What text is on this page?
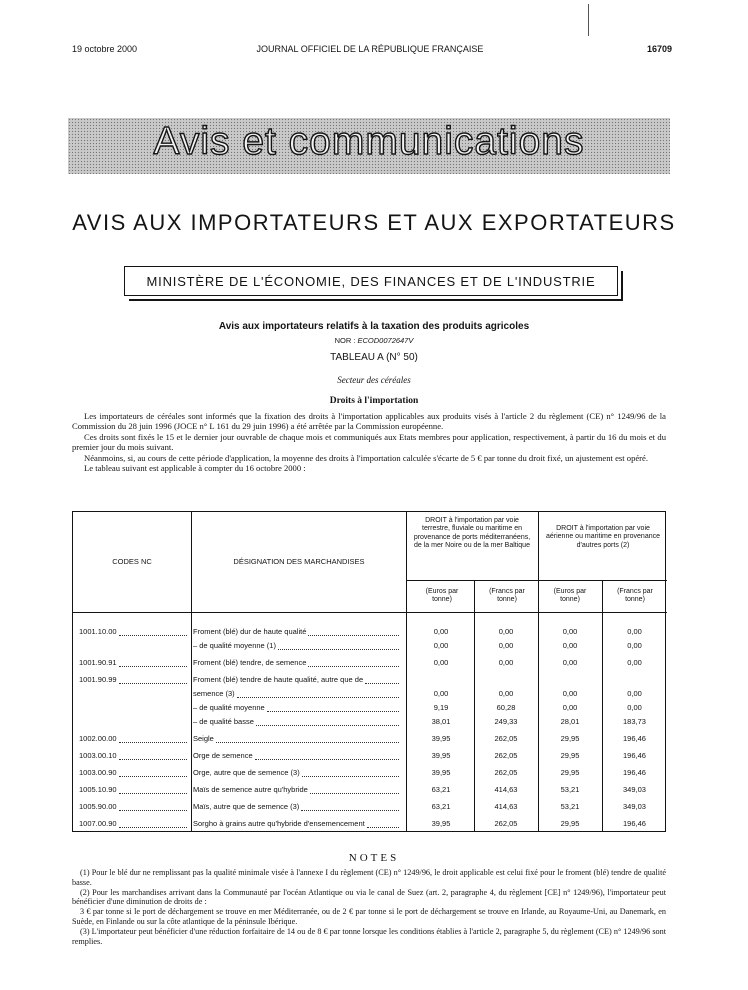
19 octobre 2000	JOURNAL OFFICIEL DE LA RÉPUBLIQUE FRANÇAISE	16709
Avis et communications
AVIS AUX IMPORTATEURS ET AUX EXPORTATEURS
MINISTÈRE DE L'ÉCONOMIE, DES FINANCES ET DE L'INDUSTRIE
Avis aux importateurs relatifs à la taxation des produits agricoles
NOR : ECOD0072647V
TABLEAU A (N° 50)
Secteur des céréales
Droits à l'importation

Les importateurs de céréales sont informés que la fixation des droits à l'importation applicables aux produits visés à l'article 2 du règlement (CE) n° 1249/96 de la Commission du 28 juin 1996 (JOCE n° L 161 du 29 juin 1996) a été arrêtée par la Commission européenne.

Ces droits sont fixés le 15 et le dernier jour ouvrable de chaque mois et communiqués aux Etats membres pour application, respectivement, à partir du 16 du mois et du premier jour du mois suivant.

Néanmoins, si, au cours de cette période d'application, la moyenne des droits à l'importation calculée s'écarte de 5 € par tonne du droit fixé, un ajustement est opéré.

Le tableau suivant est applicable à compter du 16 octobre 2000 :

CODES NC	DÉSIGNATION DES MARCHANDISES
DROIT à l'importation par voie terrestre, fluviale ou maritime en provenance de ports méditerranéens, de la mer Noire ou de la mer Baltique
DROIT à l'importation par voie aérienne ou maritime en provenance d'autres ports (2)
(Euros par tonne)
(Francs par tonne)
(Euros par tonne)
(Francs par tonne)
1001.10.00	Froment (blé) dur de haute qualité	0,00	0,00	0,00	0,00
– de qualité moyenne (1)	0,00	0,00	0,00	0,00
1001.90.91	Froment (blé) tendre, de semence	0,00	0,00	0,00	0,00
1001.90.99	Froment (blé) tendre de haute qualité, autre que de
semence (3)	0,00	0,00	0,00	0,00
– de qualité moyenne	9,19	60,28	0,00	0,00
– de qualité basse	38,01	249,33	28,01	183,73
1002.00.00	Seigle	39,95	262,05	29,95	196,46
1003.00.10	Orge de semence	39,95	262,05	29,95	196,46
1003.00.90	Orge, autre que de semence (3)	39,95	262,05	29,95	196,46
1005.10.90	Maïs de semence autre qu'hybride	63,21	414,63	53,21	349,03
1005.90.00	Maïs, autre que de semence (3)	63,21	414,63	53,21	349,03
1007.00.90	Sorgho à grains autre qu'hybride d'ensemencement	39,95	262,05	29,95	196,46
NOTES

(1) Pour le blé dur ne remplissant pas la qualité minimale visée à l'annexe I du règlement (CE) n° 1249/96, le droit applicable est celui fixé pour le froment (blé) tendre de qualité basse.

(2) Pour les marchandises arrivant dans la Communauté par l'océan Atlantique ou via le canal de Suez (art. 2, paragraphe 4, du règlement [CE] n° 1249/96), l'importateur peut bénéficier d'une diminution de droits de :

3 € par tonne si le port de déchargement se trouve en mer Méditerranée, ou de 2 € par tonne si le port de déchargement se trouve en Irlande, au Royaume-Uni, au Danemark, en Suède, en Finlande ou sur la côte atlantique de la péninsule Ibérique.

(3) L'importateur peut bénéficier d'une réduction forfaitaire de 14 ou de 8 € par tonne lorsque les conditions établies à l'article 2, paragraphe 5, du règlement (CE) n° 1249/96 sont remplies.
